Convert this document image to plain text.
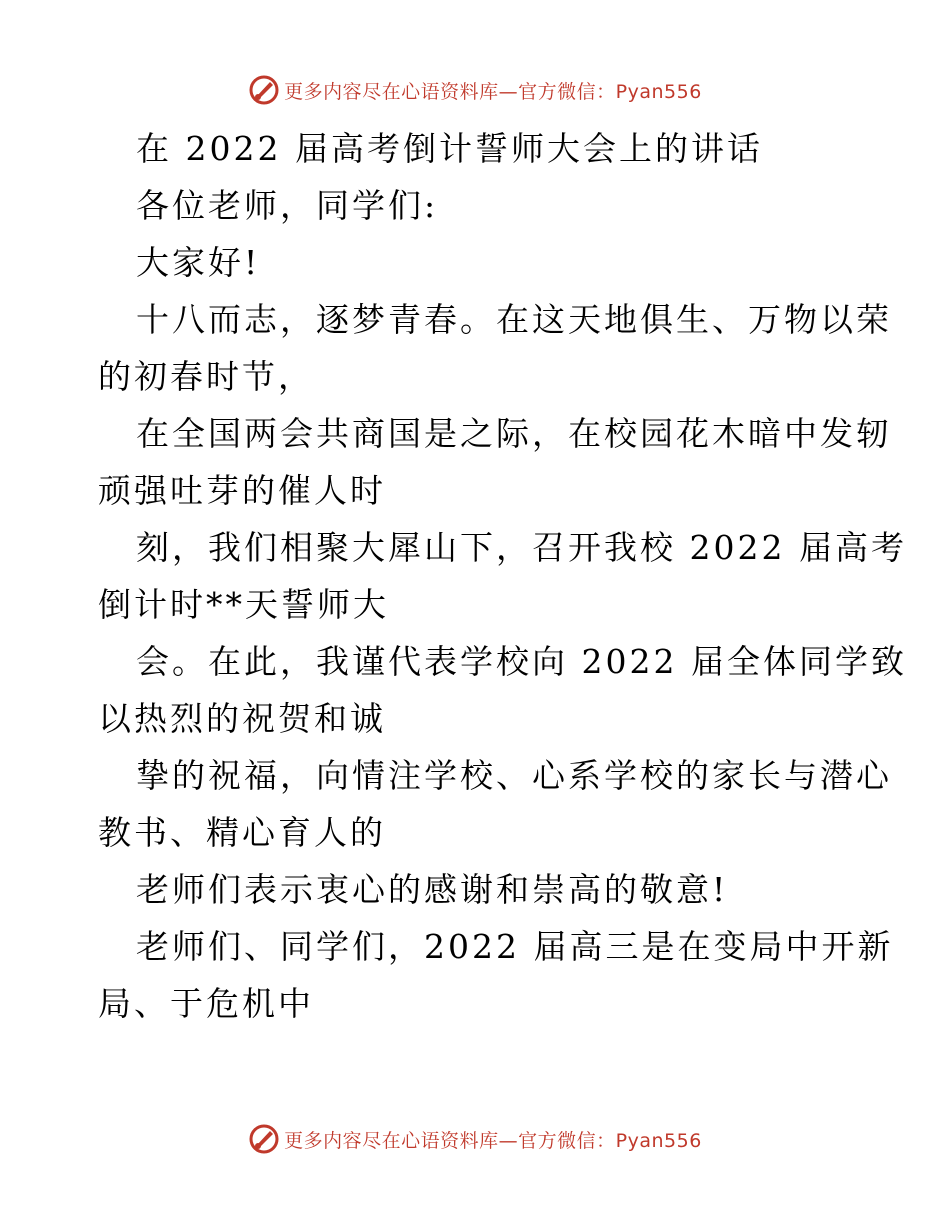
更多内容尽在心语资料库—官方微信：Pyan556
在 2022 届高考倒计誓师大会上的讲话
各位老师，同学们:
大家好!
十八而志，逐梦青春。在这天地俱生、万物以荣
的初春时节，
在全国两会共商国是之际，在校园花木暗中发轫
顽强吐芽的催人时
刻，我们相聚大犀山下，召开我校 2022 届高考
倒计时**天誓师大
会。在此，我谨代表学校向 2022 届全体同学致
以热烈的祝贺和诚
挚的祝福，向情注学校、心系学校的家长与潜心
教书、精心育人的
老师们表示衷心的感谢和崇高的敬意!
老师们、同学们，2022 届高三是在变局中开新
局、于危机中
更多内容尽在心语资料库—官方微信：Pyan556
